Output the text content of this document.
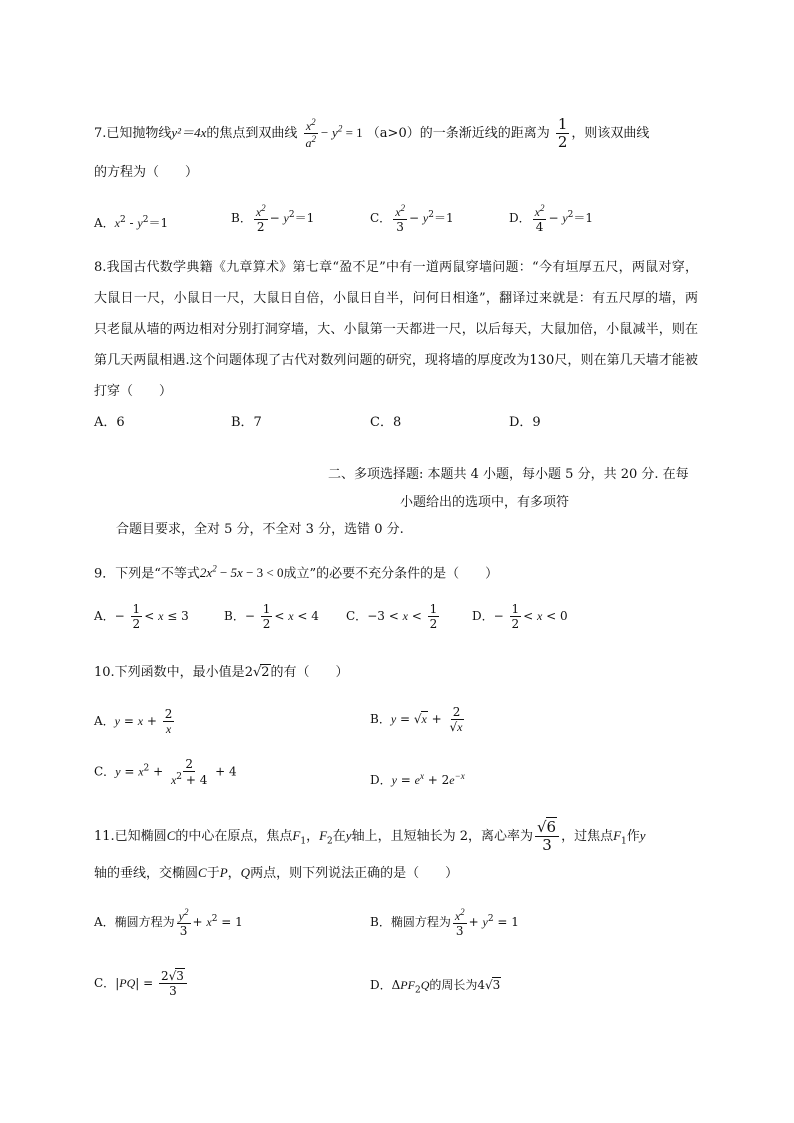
7.已知抛物线y²＝4x的焦点到双曲线 $\frac{x^2}{a^2} - y^2 = 1$ （a>0）的一条渐近线的距离为 $\frac{1}{2}$ ，则该双曲线
的方程为（　　）
A．$x^2 - y^2=1$	B． $\frac{x^2}{2} - y^2=1$	C． $\frac{x^2}{3} - y^2=1$	D． $\frac{x^2}{4} - y^2=1$
8.我国古代数学典籍《九章算术》第七章“盈不足”中有一道两鼠穿墙问题：“今有垣厚五尺，两鼠对穿，大鼠日一尺，小鼠日一尺，大鼠日自倍，小鼠日自半，问何日相逢”，翻译过来就是：有五尺厚的墙，两只老鼠从墙的两边相对分别打洞穿墙，大、小鼠第一天都进一尺，以后每天，大鼠加倍，小鼠减半，则在第几天两鼠相遇.这个问题体现了古代对数列问题的研究，现将墙的厚度改为130尺，则在第几天墙才能被打穿（　　）
A．6	B．7	C．8	D．9
二、多项选择题: 本题共 4 小题，每小题 5 分，共 20 分. 在每
小题给出的选项中，有多项符
合题目要求，全对 5 分，不全对 3 分，选错 0 分.
9．下列是“不等式$2x^2 - 5x - 3 < 0$成立”的必要不充分条件的是（　　）
A．− $\frac{1}{2} < x \le 3$	B．− $\frac{1}{2} < x < 4$ C．$-3 < x < \frac{1}{2}$	D．− $\frac{1}{2} < x < 0$
10.下列函数中，最小值是2√2的有（　　）
A．$y = x + \frac{2}{x}$	B．$y = √x + \frac{2}{√x}$
C．$y = x^2 + \frac{2}{x^2 + 4} + 4$
D．$y = e^x + 2e^{-x}$
11.已知椭圆C的中心在原点，焦点$F_1$，$F_2$在y轴上，且短轴长为 2，离心率为 $\frac{√6}{3}$ ，过焦点$F_1$作y
轴的垂线，交椭圆C于P，Q两点，则下列说法正确的是（　　）
A．椭圆方程为 $\frac{y^2}{3} + x^2 = 1$	B．椭圆方程为 $\frac{x^2}{3} + y^2 = 1$
C．$|PQ| = \frac{2√3}{3}$	D．$\Delta PF_2Q$的周长为4√3
